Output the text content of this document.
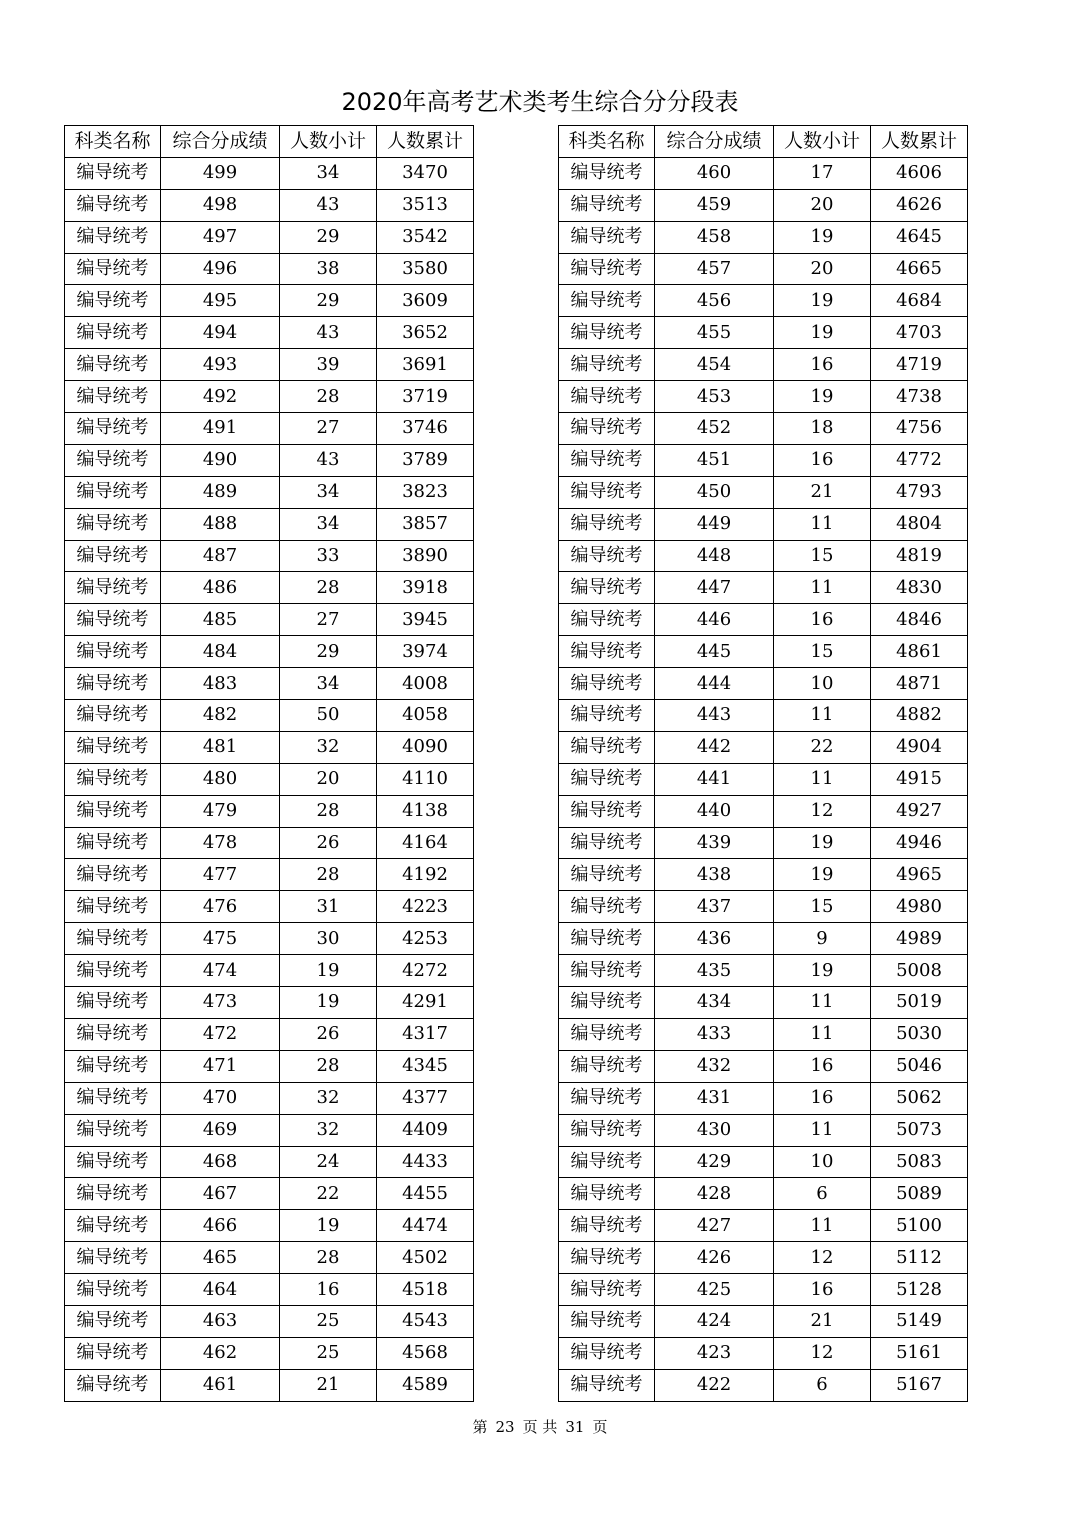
2020年高考艺术类考生综合分分段表
科类名称	综合分成绩	人数小计	人数累计
编导统考	499	34	3470
编导统考	498	43	3513
编导统考	497	29	3542
编导统考	496	38	3580
编导统考	495	29	3609
编导统考	494	43	3652
编导统考	493	39	3691
编导统考	492	28	3719
编导统考	491	27	3746
编导统考	490	43	3789
编导统考	489	34	3823
编导统考	488	34	3857
编导统考	487	33	3890
编导统考	486	28	3918
编导统考	485	27	3945
编导统考	484	29	3974
编导统考	483	34	4008
编导统考	482	50	4058
编导统考	481	32	4090
编导统考	480	20	4110
编导统考	479	28	4138
编导统考	478	26	4164
编导统考	477	28	4192
编导统考	476	31	4223
编导统考	475	30	4253
编导统考	474	19	4272
编导统考	473	19	4291
编导统考	472	26	4317
编导统考	471	28	4345
编导统考	470	32	4377
编导统考	469	32	4409
编导统考	468	24	4433
编导统考	467	22	4455
编导统考	466	19	4474
编导统考	465	28	4502
编导统考	464	16	4518
编导统考	463	25	4543
编导统考	462	25	4568
编导统考	461	21	4589
科类名称	综合分成绩	人数小计	人数累计
编导统考	460	17	4606
编导统考	459	20	4626
编导统考	458	19	4645
编导统考	457	20	4665
编导统考	456	19	4684
编导统考	455	19	4703
编导统考	454	16	4719
编导统考	453	19	4738
编导统考	452	18	4756
编导统考	451	16	4772
编导统考	450	21	4793
编导统考	449	11	4804
编导统考	448	15	4819
编导统考	447	11	4830
编导统考	446	16	4846
编导统考	445	15	4861
编导统考	444	10	4871
编导统考	443	11	4882
编导统考	442	22	4904
编导统考	441	11	4915
编导统考	440	12	4927
编导统考	439	19	4946
编导统考	438	19	4965
编导统考	437	15	4980
编导统考	436	9	4989
编导统考	435	19	5008
编导统考	434	11	5019
编导统考	433	11	5030
编导统考	432	16	5046
编导统考	431	16	5062
编导统考	430	11	5073
编导统考	429	10	5083
编导统考	428	6	5089
编导统考	427	11	5100
编导统考	426	12	5112
编导统考	425	16	5128
编导统考	424	21	5149
编导统考	423	12	5161
编导统考	422	6	5167
第 23 页 共 31 页
